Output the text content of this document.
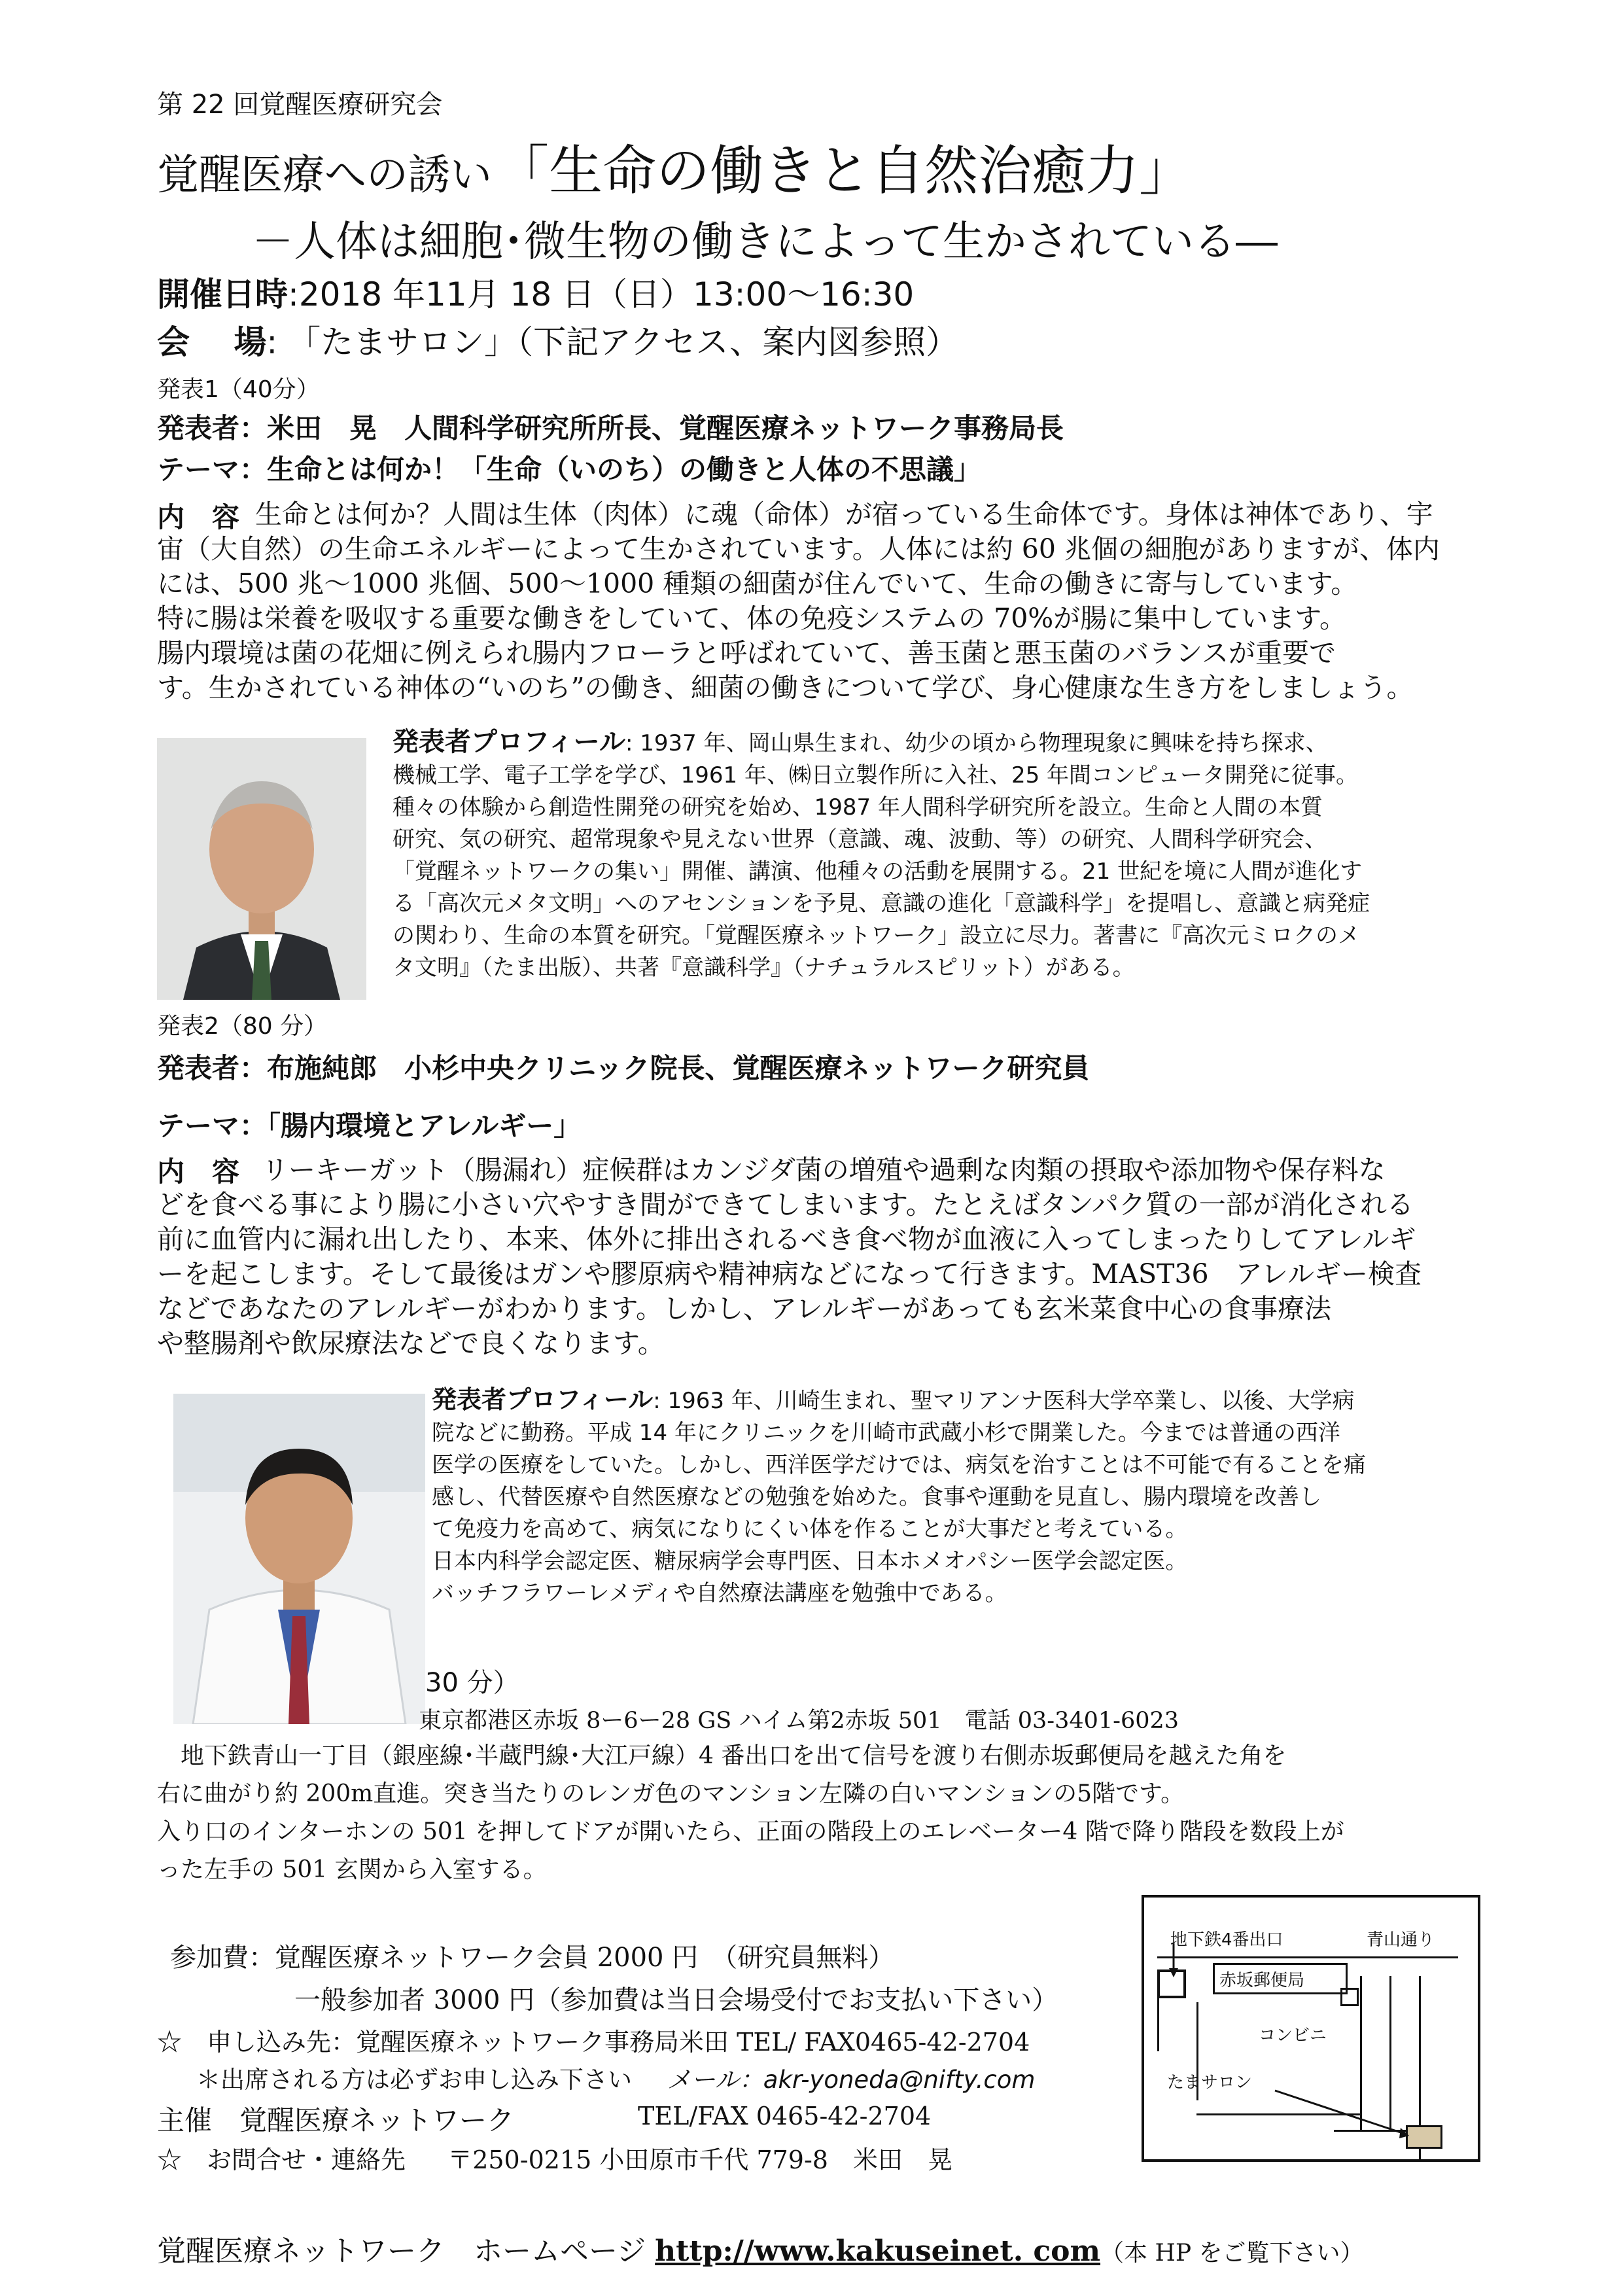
第 22 回覚醒医療研究会
覚醒医療への誘い 「生命の働きと自然治癒力」
－人体は細胞･微生物の働きによって生かされている―
開催日時:2018 年11月 18 日（日）13:00～16:30
会　 場: 「たまサロン」（下記アクセス、案内図参照）
発表1（40分）
発表者：米田　晃　人間科学研究所所長、覚醒医療ネットワーク事務局長
テーマ：生命とは何か！「生命（いのち）の働きと人体の不思議」
内　容 生命とは何か？人間は生体（肉体）に魂（命体）が宿っている生命体です。身体は神体であり、宇
宙（大自然）の生命エネルギーによって生かされています。人体には約 60 兆個の細胞がありますが、体内
には、500 兆～1000 兆個、500～1000 種類の細菌が住んでいて、生命の働きに寄与しています。
特に腸は栄養を吸収する重要な働きをしていて、体の免疫システムの 70%が腸に集中しています。
腸内環境は菌の花畑に例えられ腸内フローラと呼ばれていて、善玉菌と悪玉菌のバランスが重要で
す。生かされている神体の“いのち”の働き、細菌の働きについて学び、身心健康な生き方をしましょう。
発表者プロフィール: 1937 年、岡山県生まれ、幼少の頃から物理現象に興味を持ち探求、
機械工学、電子工学を学び、1961 年、㈱日立製作所に入社、25 年間コンピュータ開発に従事。
種々の体験から創造性開発の研究を始め、1987 年人間科学研究所を設立。生命と人間の本質
研究、気の研究、超常現象や見えない世界（意識、魂、波動、等）の研究、人間科学研究会、
「覚醒ネットワークの集い」開催、講演、他種々の活動を展開する。21 世紀を境に人間が進化す
る「高次元メタ文明」へのアセンションを予見、意識の進化「意識科学」を提唱し、意識と病発症
の関わり、生命の本質を研究。「覚醒医療ネットワーク」設立に尽力。著書に『高次元ミロクのメ
タ文明』（たま出版）、共著『意識科学』（ナチュラルスピリット）がある。
発表2（80 分）
発表者：布施純郎　小杉中央クリニック院長、覚醒医療ネットワーク研究員
テーマ：「腸内環境とアレルギー」
内　容 リーキーガット（腸漏れ）症候群はカンジダ菌の増殖や過剰な肉類の摂取や添加物や保存料な
どを食べる事により腸に小さい穴やすき間ができてしまいます。たとえばタンパク質の一部が消化される
前に血管内に漏れ出したり、本来、体外に排出されるべき食べ物が血液に入ってしまったりしてアレルギ
ーを起こします。そして最後はガンや膠原病や精神病などになって行きます。MAST36　アレルギー検査
などであなたのアレルギーがわかります。しかし、アレルギーがあっても玄米菜食中心の食事療法
や整腸剤や飲尿療法などで良くなります。
発表者プロフィール: 1963 年、川崎生まれ、聖マリアンナ医科大学卒業し、以後、大学病
院などに勤務。平成 14 年にクリニックを川崎市武蔵小杉で開業した。今までは普通の西洋
医学の医療をしていた。しかし、西洋医学だけでは、病気を治すことは不可能で有ることを痛
感し、代替医療や自然医療などの勉強を始めた。食事や運動を見直し、腸内環境を改善し
て免疫力を高めて、病気になりにくい体を作ることが大事だと考えている。
日本内科学会認定医、糖尿病学会専門医、日本ホメオパシー医学会認定医。
バッチフラワーレメディや自然療法講座を勉強中である。
30 分）
東京都港区赤坂 8ー6ー28 GS ハイム第2赤坂 501　電話 03-3401-6023
　地下鉄青山一丁目（銀座線･半蔵門線･大江戸線）4 番出口を出て信号を渡り右側赤坂郵便局を越えた角を
右に曲がり約 200m直進。突き当たりのレンガ色のマンション左隣の白いマンションの5階です。
入り口のインターホンの 501 を押してドアが開いたら、正面の階段上のエレベーター4 階で降り階段を数段上が
った左手の 501 玄関から入室する。
参加費：覚醒医療ネットワーク会員 2000 円　（研究員無料）
一般参加者 3000 円（参加費は当日会場受付でお支払い下さい）
☆　申し込み先：覚醒医療ネットワーク事務局米田 TEL/ FAX0465-42-2704
＊出席される方は必ずお申し込み下さい メール：akr-yoneda@nifty.com
主催　覚醒医療ネットワーク	TEL/FAX 0465-42-2704
☆　お問合せ・連絡先 〒250-0215 小田原市千代 779-8　米田　晃
地下鉄4番出口	青山通り
赤坂郵便局
コンビニ
たまサロン
覚醒医療ネットワーク　ホームページ http://www.kakuseinet. com（本 HP をご覧下さい）
